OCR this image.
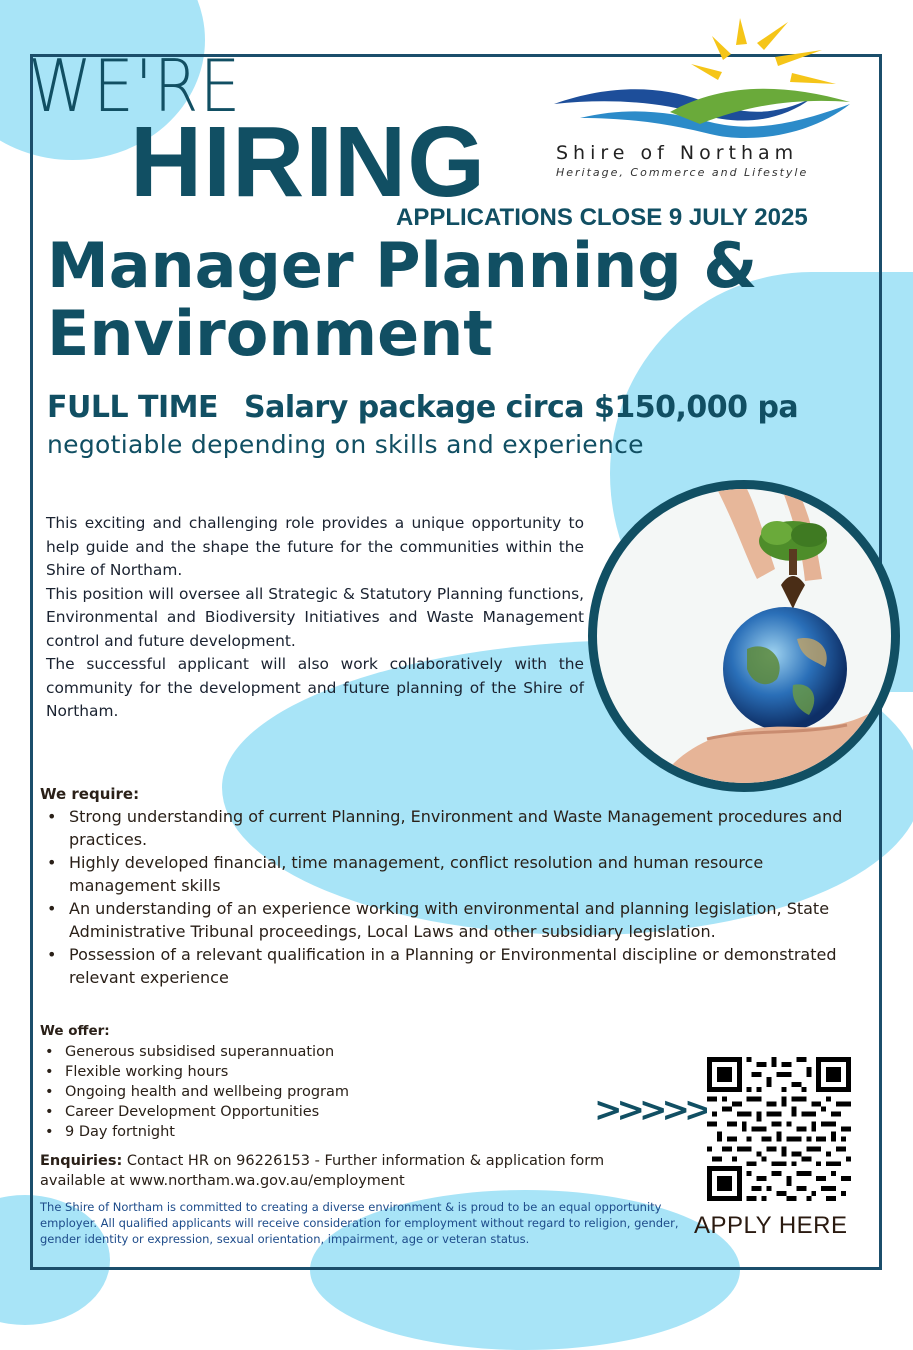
WE'RE
HIRING	Shire of Northam
Heritage, Commerce and Lifestyle
APPLICATIONS CLOSE 9 JULY 2025
Manager Planning &
Environment
FULL TIME Salary package circa $150,000 pa
negotiable depending on skills and experience

This exciting and challenging role provides a unique opportunity to help guide and the shape the future for the communities within the Shire of Northam.

This position will oversee all Strategic & Statutory Planning functions, Environmental and Biodiversity Initiatives and Waste Management control and future development.

The successful applicant will also work collaboratively with the community for the development and future planning of the Shire of Northam.

We require:
• Strong understanding of current Planning, Environment and Waste Management procedures and practices.
• Highly developed financial, time management, conflict resolution and human resource management skills
• An understanding of an experience working with environmental and planning legislation, State Administrative Tribunal proceedings, Local Laws and other subsidiary legislation.
• Possession of a relevant qualification in a Planning or Environmental discipline or demonstrated relevant experience
We offer:
• Generous subsidised superannuation
• Flexible working hours
• Ongoing health and wellbeing program
• Career Development Opportunities
• 9 Day fortnight
Enquiries: Contact HR on 96226153 - Further information & application form available at www.northam.wa.gov.au/employment
The Shire of Northam is committed to creating a diverse environment & is proud to be an equal opportunity employer. All qualified applicants will receive consideration for employment without regard to religion, gender, gender identity or expression, sexual orientation, impairment, age or veteran status.
>>>>>
APPLY HERE
